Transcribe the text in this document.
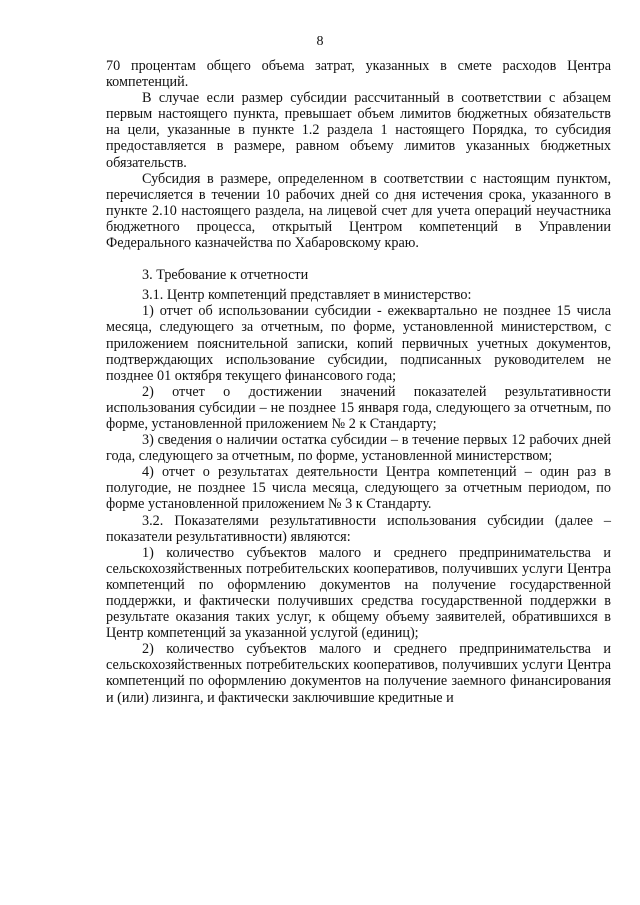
8

70 процентам общего объема затрат, указанных в смете расходов Центра компетенций.

В случае если размер субсидии рассчитанный в соответствии с абзацем первым настоящего пункта, превышает объем лимитов бюджетных обязательств на цели, указанные в пункте 1.2 раздела 1 настоящего Порядка, то субсидия предоставляется в размере, равном объему лимитов указанных бюджетных обязательств.

Субсидия в размере, определенном в соответствии с настоящим пунктом, перечисляется в течении 10 рабочих дней со дня истечения срока, указанного в пункте 2.10 настоящего раздела, на лицевой счет для учета операций неучастника бюджетного процесса, открытый Центром компетенций в Управлении Федерального казначейства по Хабаровскому краю.

3. Требование к отчетности

3.1. Центр компетенций представляет в министерство:

1) отчет об использовании субсидии - ежеквартально не позднее 15 числа месяца, следующего за отчетным, по форме, установленной министерством, с приложением пояснительной записки, копий первичных учетных документов, подтверждающих использование субсидии, подписанных руководителем не позднее 01 октября текущего финансового года;

2) отчет о достижении значений показателей результативности использования субсидии – не позднее 15 января года, следующего за отчетным, по форме, установленной приложением № 2 к Стандарту;

3) сведения о наличии остатка субсидии – в течение первых 12 рабочих дней года, следующего за отчетным, по форме, установленной министерством;

4) отчет о результатах деятельности Центра компетенций – один раз в полугодие, не позднее 15 числа месяца, следующего за отчетным периодом, по форме установленной приложением № 3 к Стандарту.

3.2. Показателями результативности использования субсидии (далее – показатели результативности) являются:

1) количество субъектов малого и среднего предпринимательства и сельскохозяйственных потребительских кооперативов, получивших услуги Центра компетенций по оформлению документов на получение государственной поддержки, и фактически получивших средства государственной поддержки в результате оказания таких услуг, к общему объему заявителей, обратившихся в Центр компетенций за указанной услугой (единиц);

2) количество субъектов малого и среднего предпринимательства и сельскохозяйственных потребительских кооперативов, получивших услуги Центра компетенций по оформлению документов на получение заемного финансирования и (или) лизинга, и фактически заключившие кредитные и
